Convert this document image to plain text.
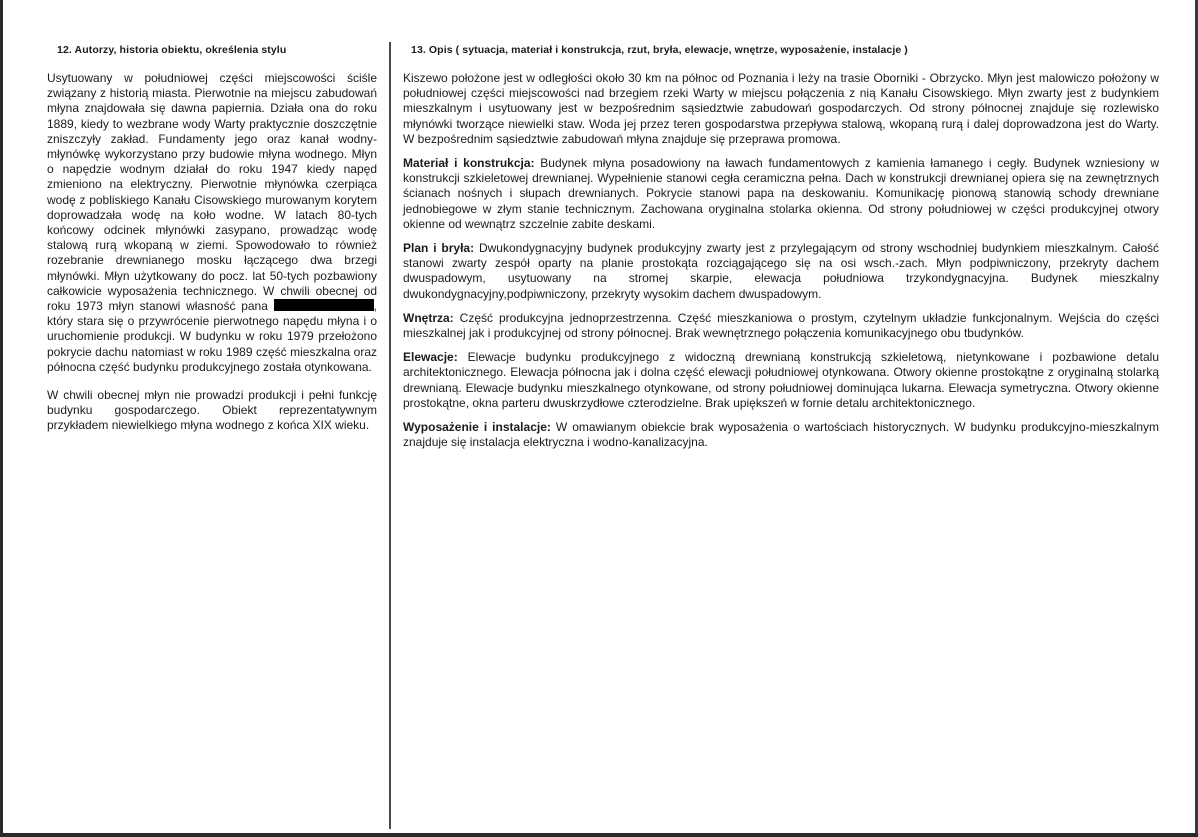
12. Autorzy, historia obiektu, określenia stylu

Usytuowany w południowej części miejscowości ściśle związany z historią miasta. Pierwotnie na miejscu zabudowań młyna znajdowała się dawna papiernia. Działa ona do roku 1889, kiedy to wezbrane wody Warty praktycznie doszczętnie zniszczyły zakład. Fundamenty jego oraz kanał wodny-młynówkę wykorzystano przy budowie młyna wodnego. Młyn o napędzie wodnym działał do roku 1947 kiedy napęd zmieniono na elektryczny. Pierwotnie młynówka czerpiąca wodę z pobliskiego Kanału Cisowskiego murowanym korytem doprowadzała wodę na koło wodne. W latach 80-tych końcowy odcinek młynówki zasypano, prowadząc wodę stalową rurą wkopaną w ziemi. Spowodowało to również rozebranie drewnianego mosku łączącego dwa brzegi młynówki. Młyn użytkowany do pocz. lat 50-tych pozbawiony całkowicie wyposażenia technicznego. W chwili obecnej od roku 1973 młyn stanowi własność pana	, który stara się o przywrócenie pierwotnego napędu młyna i o uruchomienie produkcji. W budynku w roku 1979 przełożono pokrycie dachu natomiast w roku 1989 część mieszkalna oraz północna część budynku produkcyjnego została otynkowana.

W chwili obecnej młyn nie prowadzi produkcji i pełni funkcję budynku gospodarczego. Obiekt reprezentatywnym przykładem niewielkiego młyna wodnego z końca XIX wieku.

13. Opis ( sytuacja, materiał i konstrukcja, rzut, bryła, elewacje, wnętrze, wyposażenie, instalacje )

Kiszewo położone jest w odległości około 30 km na północ od Poznania i leży na trasie Oborniki - Obrzycko. Młyn jest malowiczo położony w południowej części miejscowości nad brzegiem rzeki Warty w miejscu połączenia z nią Kanału Cisowskiego. Młyn zwarty jest z budynkiem mieszkalnym i usytuowany jest w bezpośrednim sąsiedztwie zabudowań gospodarczych. Od strony północnej znajduje się rozlewisko młynówki tworzące niewielki staw. Woda jej przez teren gospodarstwa przepływa stalową, wkopaną rurą i dalej doprowadzona jest do Warty. W bezpośrednim sąsiedztwie zabudowań młyna znajduje się przeprawa promowa.

Materiał i konstrukcja: Budynek młyna posadowiony na ławach fundamentowych z kamienia łamanego i cegły. Budynek wzniesiony w konstrukcji szkieletowej drewnianej. Wypełnienie stanowi cegła ceramiczna pełna. Dach w konstrukcji drewnianej opiera się na zewnętrznych ścianach nośnych i słupach drewnianych. Pokrycie stanowi papa na deskowaniu. Komunikację pionową stanowią schody drewniane jednobiegowe w złym stanie technicznym. Zachowana oryginalna stolarka okienna. Od strony południowej w części produkcyjnej otwory okienne od wewnątrz szczelnie zabite deskami.

Plan i bryła: Dwukondygnacyjny budynek produkcyjny zwarty jest z przylegającym od strony wschodniej budynkiem mieszkalnym. Całość stanowi zwarty zespół oparty na planie prostokąta rozciągającego się na osi wsch.-zach. Młyn podpiwniczony, przekryty dachem dwuspadowym, usytuowany na stromej skarpie, elewacja południowa trzykondygnacyjna. Budynek mieszkalny dwukondygnacyjny,podpiwniczony, przekryty wysokim dachem dwuspadowym.

Wnętrza: Część produkcyjna jednoprzestrzenna. Część mieszkaniowa o prostym, czytelnym układzie funkcjonalnym. Wejścia do części mieszkalnej jak i produkcyjnej od strony północnej. Brak wewnętrznego połączenia komunikacyjnego obu tbudynków.

Elewacje: Elewacje budynku produkcyjnego z widoczną drewnianą konstrukcją szkieletową, nietynkowane i pozbawione detalu architektonicznego. Elewacja północna jak i dolna część elewacji południowej otynkowana. Otwory okienne prostokątne z oryginalną stolarką drewnianą. Elewacje budynku mieszkalnego otynkowane, od strony południowej dominująca lukarna. Elewacja symetryczna. Otwory okienne prostokątne, okna parteru dwuskrzydłowe czterodzielne. Brak upiększeń w fornie detalu architektonicznego.

Wyposażenie i instalacje: W omawianym obiekcie brak wyposażenia o wartościach historycznych. W budynku produkcyjno-mieszkalnym znajduje się instalacja elektryczna i wodno-kanalizacyjna.
